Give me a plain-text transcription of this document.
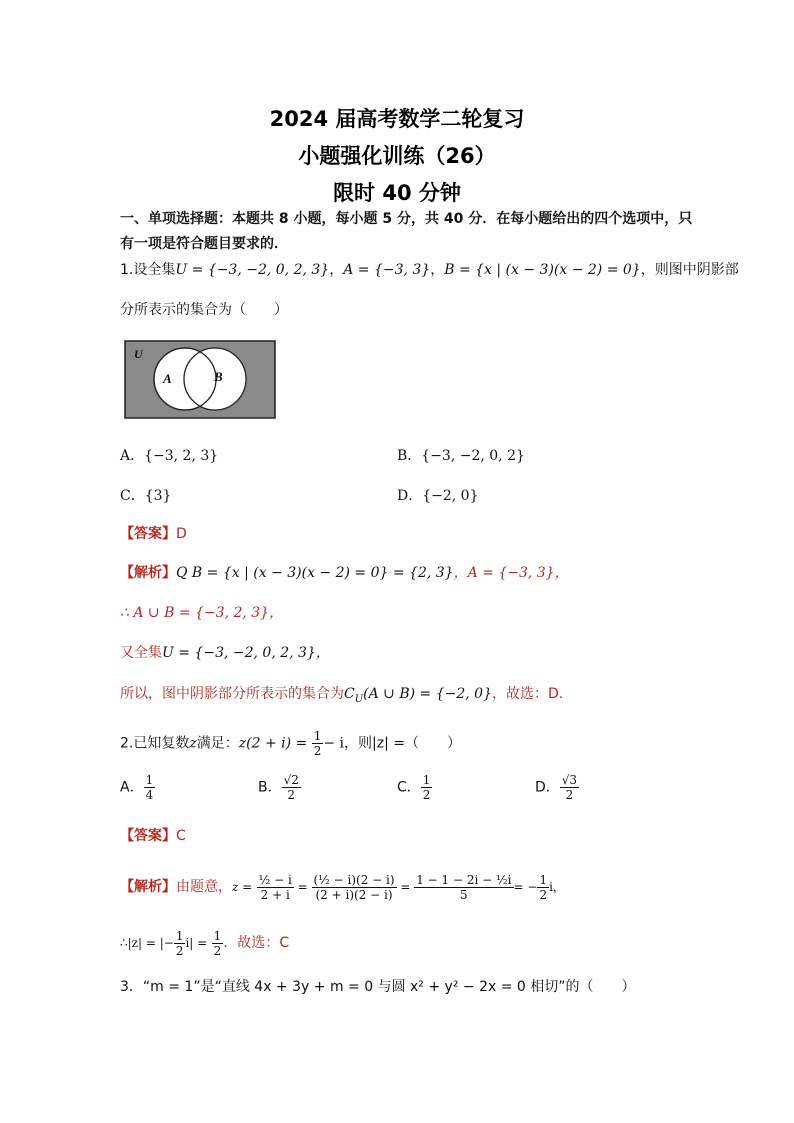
2024 届高考数学二轮复习
小题强化训练（26）
限时 40 分钟
一、单项选择题：本题共 8 小题，每小题 5 分，共 40 分．在每小题给出的四个选项中，只
有一项是符合题目要求的．
1.设全集U = {−3, −2, 0, 2, 3}，A = {−3, 3}，B = {x | (x − 3)(x − 2) = 0}，则图中阴影部
分所表示的集合为（　　）
U
A	B
A．{−3, 2, 3}	B．{−3, −2, 0, 2}
C．{3}	D．{−2, 0}
【答案】D
【解析】Q B = {x | (x − 3)(x − 2) = 0} = {2, 3}，A = {−3, 3}，
∴ A ∪ B = {−3, 2, 3}，
又全集U = {−3, −2, 0, 2, 3}，
所以，图中阴影部分所表示的集合为$C_U(A$ ∪ B) = {−2, 0}，故选：D.
2.已知复数z满足：$z(2 + i) = \frac{1}{2} - i$，则|z| =（　　）
A． $\frac{1}{4}$	B． $\frac{√2}{2}$	C． $\frac{1}{2}$	D． $\frac{√3}{2}$
【答案】C
【解析】由题意，$z = \frac{\text{½ − i}}{2 + i} = \frac{\text{(½ − i)(2 − i)}}{(2 + i)(2 - i)} = \frac{\text{1 − 1 − 2i − ½i}}{5}$ = − $\frac{1}{2}$ i，
∴|z| = |− $\frac{1}{2} i| = \frac{1}{2}$ ．故选：C
3．“m = 1”是“直线 4x + 3y + m = 0 与圆 x² + y² − 2x = 0 相切”的（　　）
